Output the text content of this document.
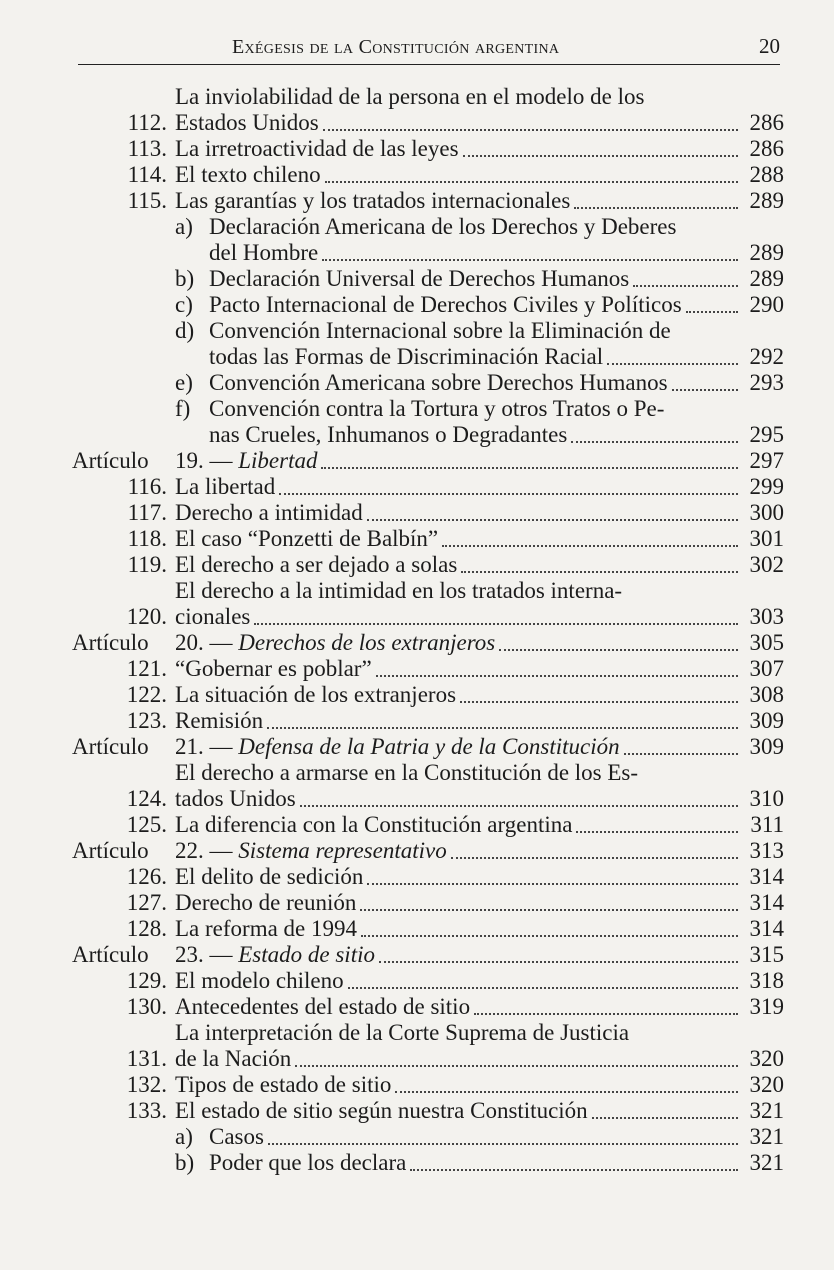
Exégesis de la Constitución argentina	20
112.
La inviolabilidad de la persona en el modelo de los
Estados Unidos	286
113. La irretroactividad de las leyes	286
114. El texto chileno	288
115. Las garantías y los tratados internacionales	289
a) Declaración Americana de los Derechos y Deberes
del Hombre	289
b) Declaración Universal de Derechos Humanos	289
c) Pacto Internacional de Derechos Civiles y Políticos	290
d) Convención Internacional sobre la Eliminación de
todas las Formas de Discriminación Racial	292
e) Convención Americana sobre Derechos Humanos	293
f) Convención contra la Tortura y otros Tratos o Pe-
nas Crueles, Inhumanos o Degradantes	295
Artículo	19. — Libertad	297
116. La libertad	299
117. Derecho a intimidad	300
118. El caso “Ponzetti de Balbín”	301
119. El derecho a ser dejado a solas	302
120.
El derecho a la intimidad en los tratados interna-
cionales	303
Artículo	20. — Derechos de los extranjeros	305
121. “Gobernar es poblar”	307
122. La situación de los extranjeros	308
123. Remisión	309
Artículo	21. — Defensa de la Patria y de la Constitución	309
124.
El derecho a armarse en la Constitución de los Es-
tados Unidos	310
125. La diferencia con la Constitución argentina	311
Artículo	22. — Sistema representativo	313
126. El delito de sedición	314
127. Derecho de reunión	314
128. La reforma de 1994	314
Artículo	23. — Estado de sitio	315
129. El modelo chileno	318
130. Antecedentes del estado de sitio	319
131.
La interpretación de la Corte Suprema de Justicia
de la Nación	320
132. Tipos de estado de sitio	320
133. El estado de sitio según nuestra Constitución	321
a) Casos	321
b) Poder que los declara	321
